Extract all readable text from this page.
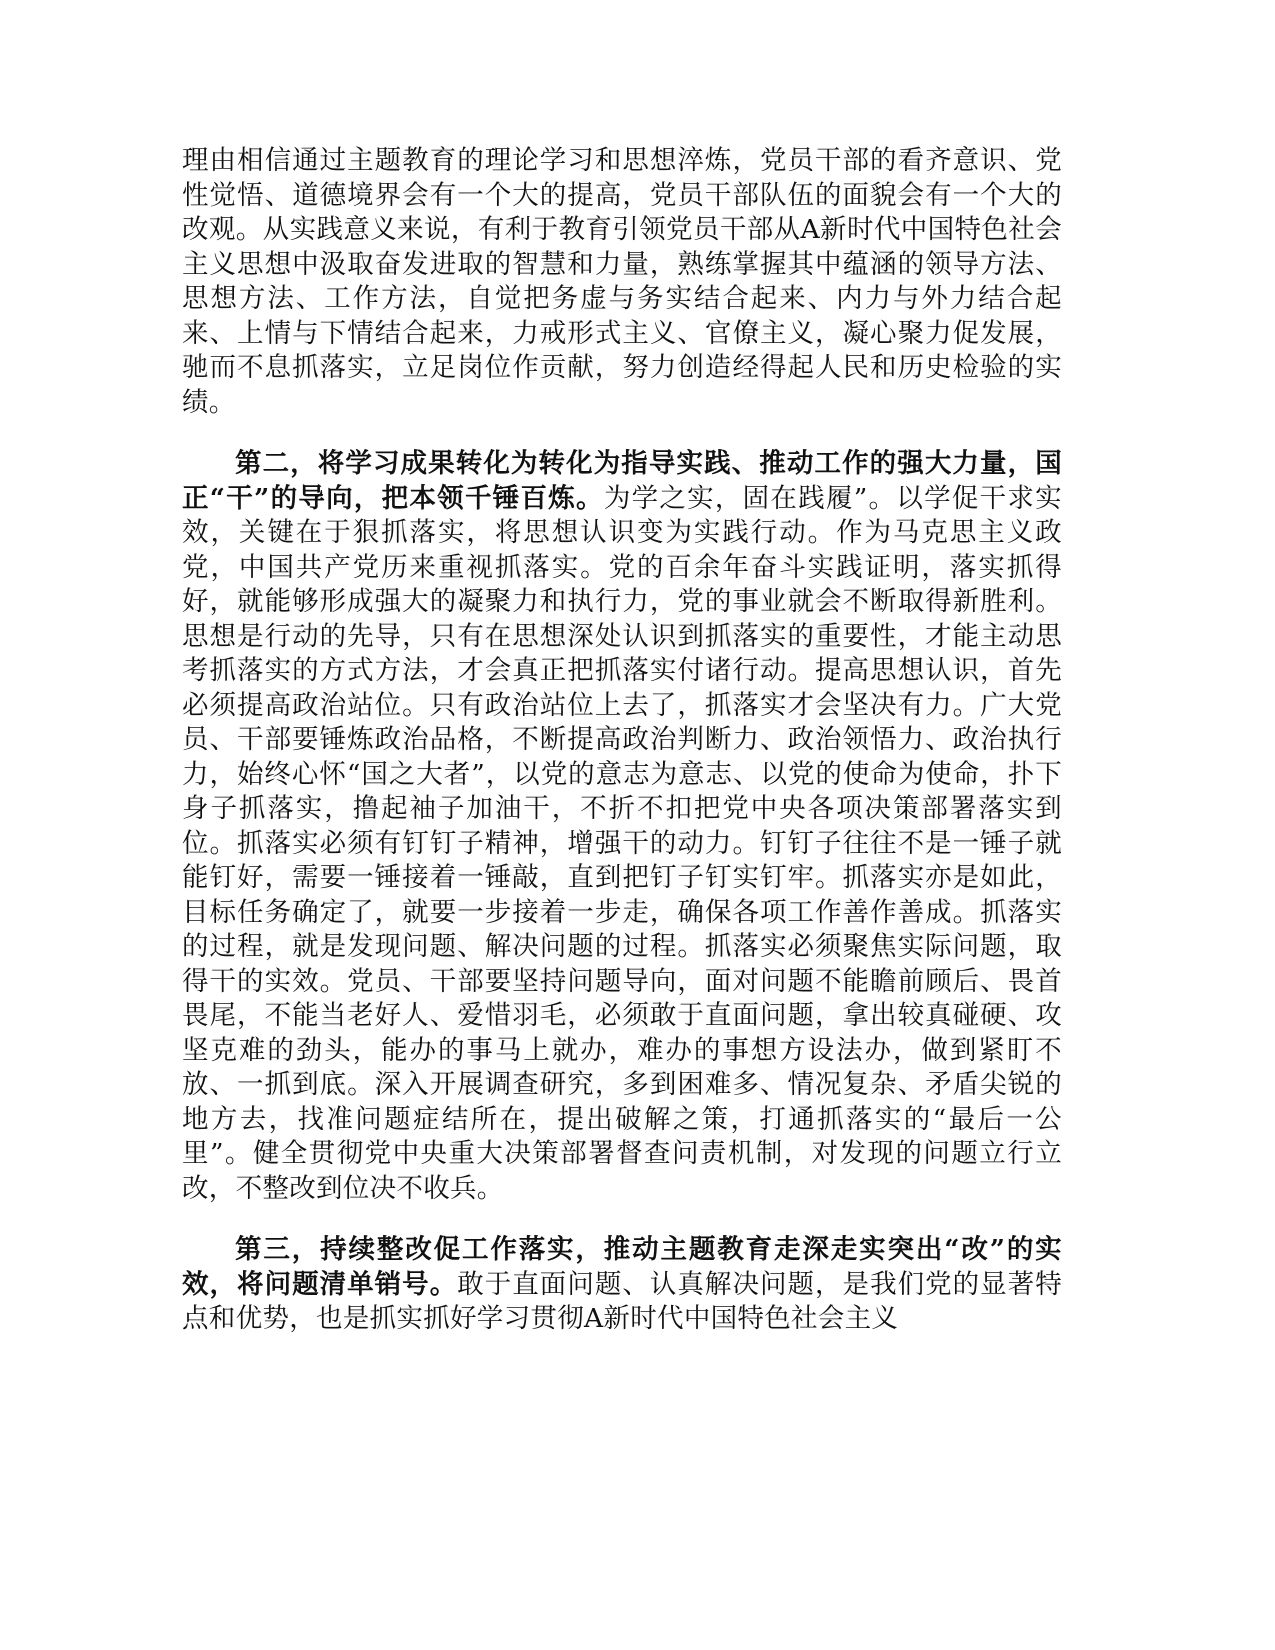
理由相信通过主题教育的理论学习和思想淬炼，党员干部的看齐意识、党性觉悟、道德境界会有一个大的提高，党员干部队伍的面貌会有一个大的改观。从实践意义来说，有利于教育引领党员干部从A新时代中国特色社会主义思想中汲取奋发进取的智慧和力量，熟练掌握其中蕴涵的领导方法、思想方法、工作方法，自觉把务虚与务实结合起来、内力与外力结合起来、上情与下情结合起来，力戒形式主义、官僚主义，凝心聚力促发展，驰而不息抓落实，立足岗位作贡献，努力创造经得起人民和历史检验的实绩。

第二，将学习成果转化为转化为指导实践、推动工作的强大力量，国正“干”的导向，把本领千锤百炼。为学之实，固在践履”。以学促干求实效，关键在于狠抓落实，将思想认识变为实践行动。作为马克思主义政党，中国共产党历来重视抓落实。党的百余年奋斗实践证明，落实抓得好，就能够形成强大的凝聚力和执行力，党的事业就会不断取得新胜利。思想是行动的先导，只有在思想深处认识到抓落实的重要性，才能主动思考抓落实的方式方法，才会真正把抓落实付诸行动。提高思想认识，首先必须提高政治站位。只有政治站位上去了，抓落实才会坚决有力。广大党员、干部要锤炼政治品格，不断提高政治判断力、政治领悟力、政治执行力，始终心怀“国之大者”，以党的意志为意志、以党的使命为使命，扑下身子抓落实，撸起袖子加油干，不折不扣把党中央各项决策部署落实到位。抓落实必须有钉钉子精神，增强干的动力。钉钉子往往不是一锤子就能钉好，需要一锤接着一锤敲，直到把钉子钉实钉牢。抓落实亦是如此，目标任务确定了，就要一步接着一步走，确保各项工作善作善成。抓落实的过程，就是发现问题、解决问题的过程。抓落实必须聚焦实际问题，取得干的实效。党员、干部要坚持问题导向，面对问题不能瞻前顾后、畏首畏尾，不能当老好人、爱惜羽毛，必须敢于直面问题，拿出较真碰硬、攻坚克难的劲头，能办的事马上就办，难办的事想方设法办，做到紧盯不放、一抓到底。深入开展调查研究，多到困难多、情况复杂、矛盾尖锐的地方去，找准问题症结所在，提出破解之策，打通抓落实的“最后一公里”。健全贯彻党中央重大决策部署督查问责机制，对发现的问题立行立改，不整改到位决不收兵。

第三，持续整改促工作落实，推动主题教育走深走实突出“改”的实效，将问题清单销号。敢于直面问题、认真解决问题，是我们党的显著特点和优势，也是抓实抓好学习贯彻A新时代中国特色社会主义
